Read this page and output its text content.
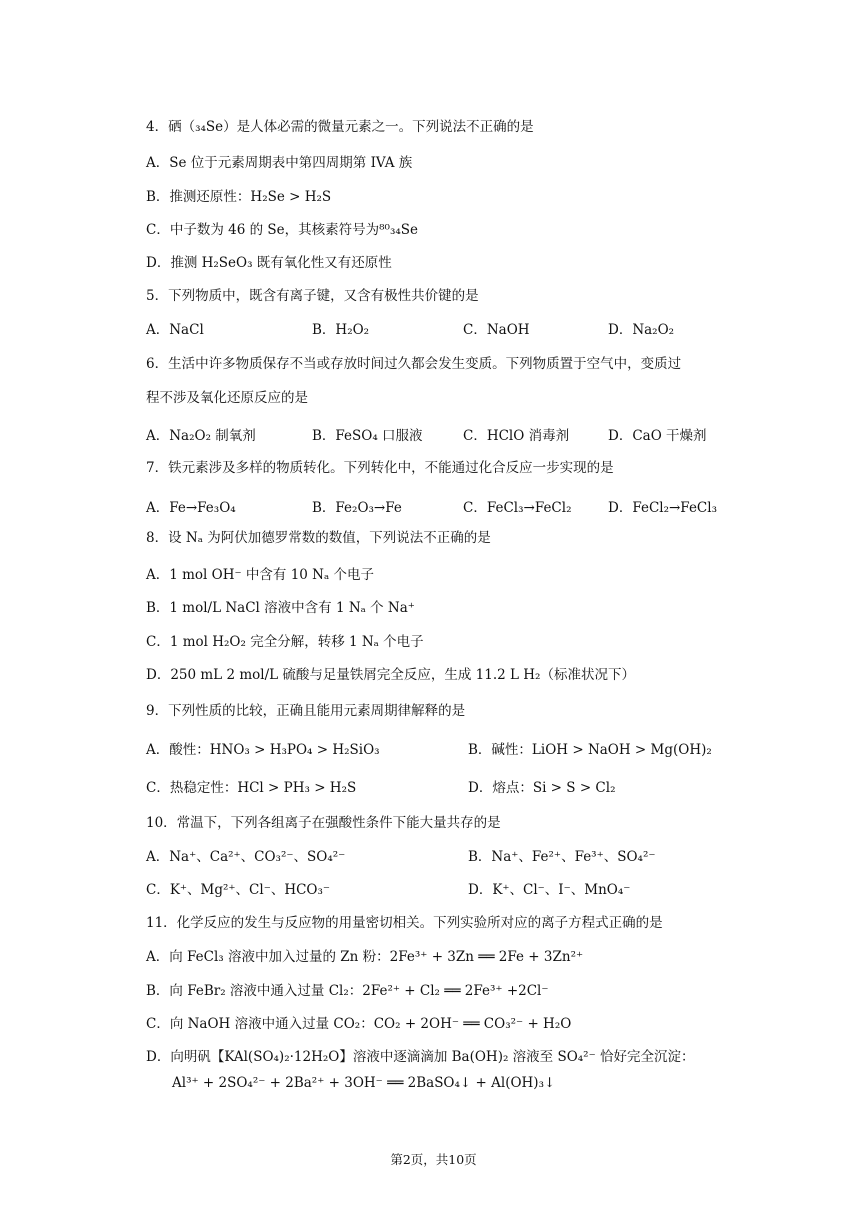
4．硒（₃₄Se）是人体必需的微量元素之一。下列说法不正确的是
A．Se 位于元素周期表中第四周期第 IVA 族
B．推测还原性：H₂Se > H₂S
C．中子数为 46 的 Se，其核素符号为⁸⁰₃₄Se
D．推测 H₂SeO₃ 既有氧化性又有还原性
5．下列物质中，既含有离子键，又含有极性共价键的是
A．NaCl	B．H₂O₂	C．NaOH	D．Na₂O₂
6．生活中许多物质保存不当或存放时间过久都会发生变质。下列物质置于空气中，变质过
程不涉及氧化还原反应的是
A．Na₂O₂ 制氧剂	B．FeSO₄ 口服液	C．HClO 消毒剂	D．CaO 干燥剂
7．铁元素涉及多样的物质转化。下列转化中，不能通过化合反应一步实现的是
A．Fe→Fe₃O₄	B．Fe₂O₃→Fe	C．FeCl₃→FeCl₂	D．FeCl₂→FeCl₃
8．设 Nₐ 为阿伏加德罗常数的数值，下列说法不正确的是
A．1 mol OH⁻ 中含有 10 Nₐ 个电子
B．1 mol/L NaCl 溶液中含有 1 Nₐ 个 Na⁺
C．1 mol H₂O₂ 完全分解，转移 1 Nₐ 个电子
D．250 mL 2 mol/L 硫酸与足量铁屑完全反应，生成 11.2 L H₂（标准状况下）
9．下列性质的比较，正确且能用元素周期律解释的是
A．酸性：HNO₃ > H₃PO₄ > H₂SiO₃	B．碱性：LiOH > NaOH > Mg(OH)₂
C．热稳定性：HCl > PH₃ > H₂S	D．熔点：Si > S > Cl₂
10．常温下，下列各组离子在强酸性条件下能大量共存的是
A．Na⁺、Ca²⁺、CO₃²⁻、SO₄²⁻	B．Na⁺、Fe²⁺、Fe³⁺、SO₄²⁻
C．K⁺、Mg²⁺、Cl⁻、HCO₃⁻	D．K⁺、Cl⁻、I⁻、MnO₄⁻
11．化学反应的发生与反应物的用量密切相关。下列实验所对应的离子方程式正确的是
A．向 FeCl₃ 溶液中加入过量的 Zn 粉：2Fe³⁺ + 3Zn ══ 2Fe + 3Zn²⁺
B．向 FeBr₂ 溶液中通入过量 Cl₂：2Fe²⁺ + Cl₂ ══ 2Fe³⁺ +2Cl⁻
C．向 NaOH 溶液中通入过量 CO₂：CO₂ + 2OH⁻ ══ CO₃²⁻ + H₂O
D．向明矾【KAl(SO₄)₂·12H₂O】溶液中逐滴滴加 Ba(OH)₂ 溶液至 SO₄²⁻ 恰好完全沉淀：
Al³⁺ + 2SO₄²⁻ + 2Ba²⁺ + 3OH⁻ ══ 2BaSO₄↓ + Al(OH)₃↓
第2页，共10页
